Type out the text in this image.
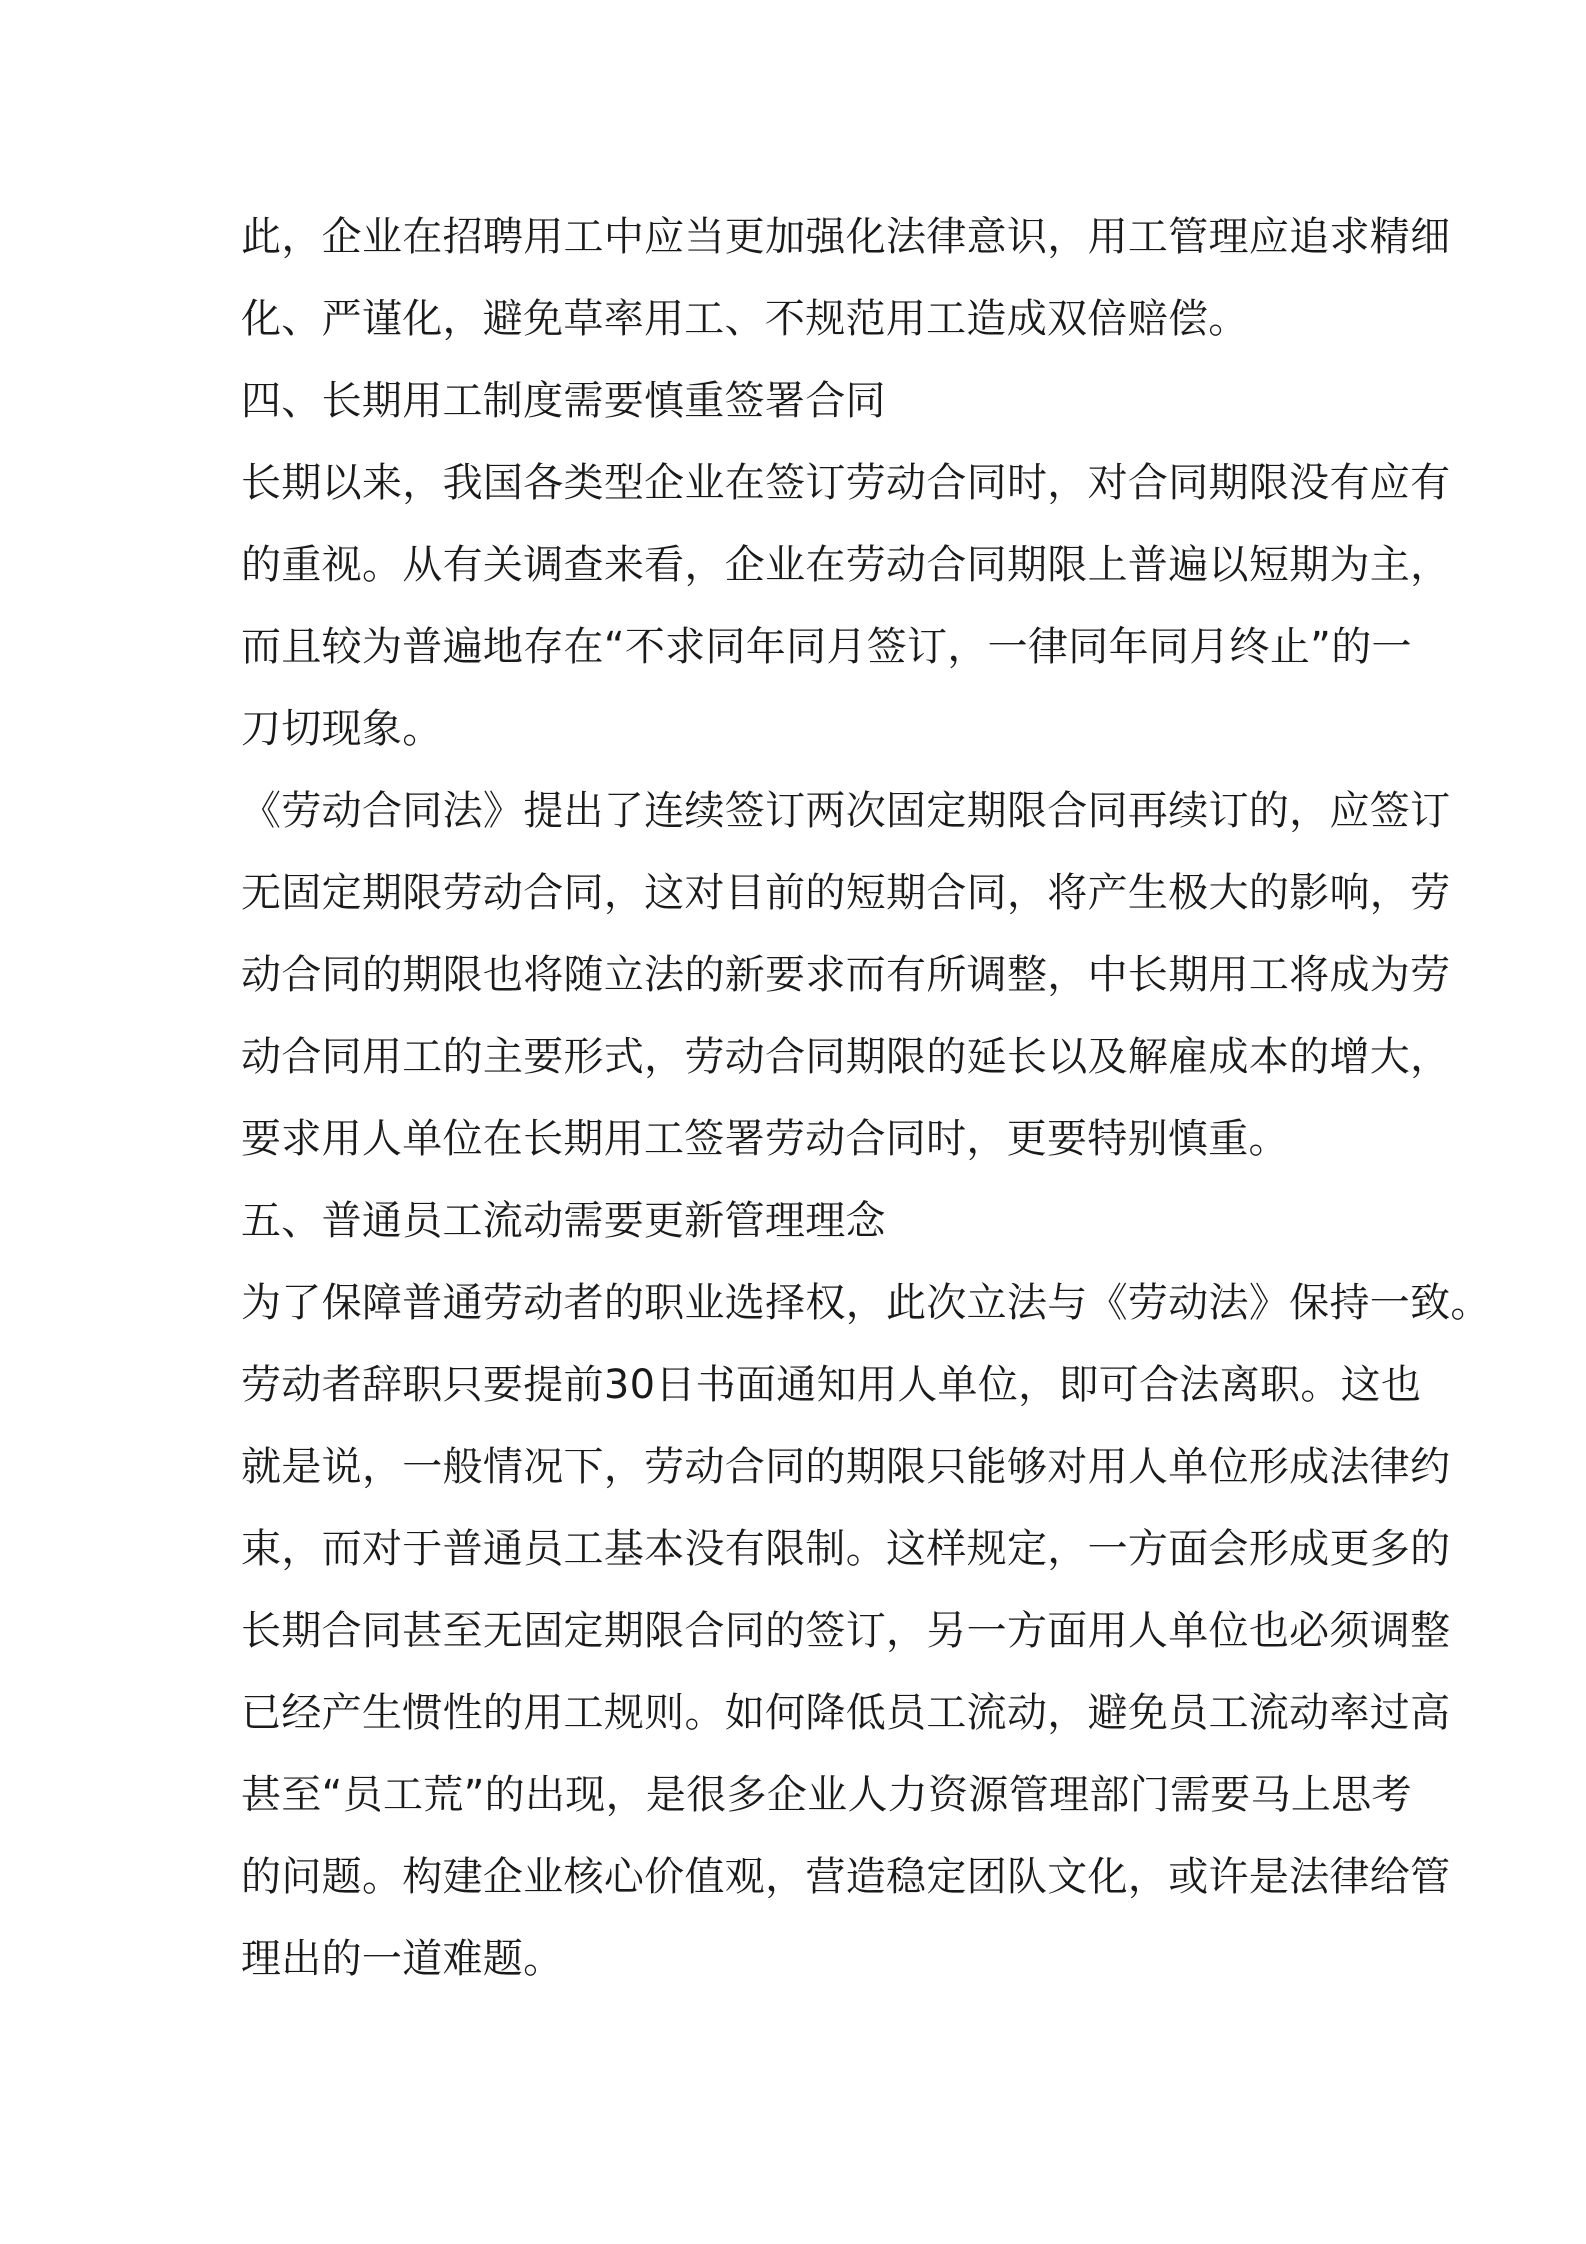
此 ， 企 业 在 招 聘 用 工 中 应 当 更 加 强 化 法 律 意 识 ， 用 工 管 理 应 追 求 精 细
化、严谨化，避免草率用工、不规范用工造成双倍赔偿。
四、长期用工制度需要慎重签署合同
长 期 以 来 ， 我 国 各 类 型 企 业 在 签 订 劳 动 合 同 时 ， 对 合 同 期 限 没 有 应 有
的 重 视 。 从 有 关 调 查 来 看 ， 企 业 在 劳 动 合 同 期 限 上 普 遍 以 短 期 为 主 ，
而 且 较 为 普 遍 地 存 在 “ 不 求 同 年 同 月 签 订 ， 一 律 同 年 同 月 终 止 ” 的 一
刀切现象。
《 劳 动 合 同 法 》 提 出 了 连 续 签 订 两 次 固 定 期 限 合 同 再 续 订 的 ， 应 签 订
无 固 定 期 限 劳 动 合 同 ， 这 对 目 前 的 短 期 合 同 ， 将 产 生 极 大 的 影 响 ， 劳
动 合 同 的 期 限 也 将 随 立 法 的 新 要 求 而 有 所 调 整 ， 中 长 期 用 工 将 成 为 劳
动 合 同 用 工 的 主 要 形 式 ， 劳 动 合 同 期 限 的 延 长 以 及 解 雇 成 本 的 增 大 ，
要求用人单位在长期用工签署劳动合同时，更要特别慎重。
五、普通员工流动需要更新管理理念
为 了 保 障 普 通 劳 动 者 的 职 业 选 择 权 ， 此 次 立 法 与 《 劳 动 法 》 保 持 一 致 。
劳 动 者 辞 职 只 要 提 前 3 0 日 书 面 通 知 用 人 单 位 ， 即 可 合 法 离 职 。 这 也
就 是 说 ， 一 般 情 况 下 ， 劳 动 合 同 的 期 限 只 能 够 对 用 人 单 位 形 成 法 律 约
束 ， 而 对 于 普 通 员 工 基 本 没 有 限 制 。 这 样 规 定 ， 一 方 面 会 形 成 更 多 的
长 期 合 同 甚 至 无 固 定 期 限 合 同 的 签 订 ， 另 一 方 面 用 人 单 位 也 必 须 调 整
已 经 产 生 惯 性 的 用 工 规 则 。 如 何 降 低 员 工 流 动 ， 避 免 员 工 流 动 率 过 高
甚 至 “ 员 工 荒 ” 的 出 现 ， 是 很 多 企 业 人 力 资 源 管 理 部 门 需 要 马 上 思 考
的 问 题 。 构 建 企 业 核 心 价 值 观 ， 营 造 稳 定 团 队 文 化 ， 或 许 是 法 律 给 管
理出的一道难题。
